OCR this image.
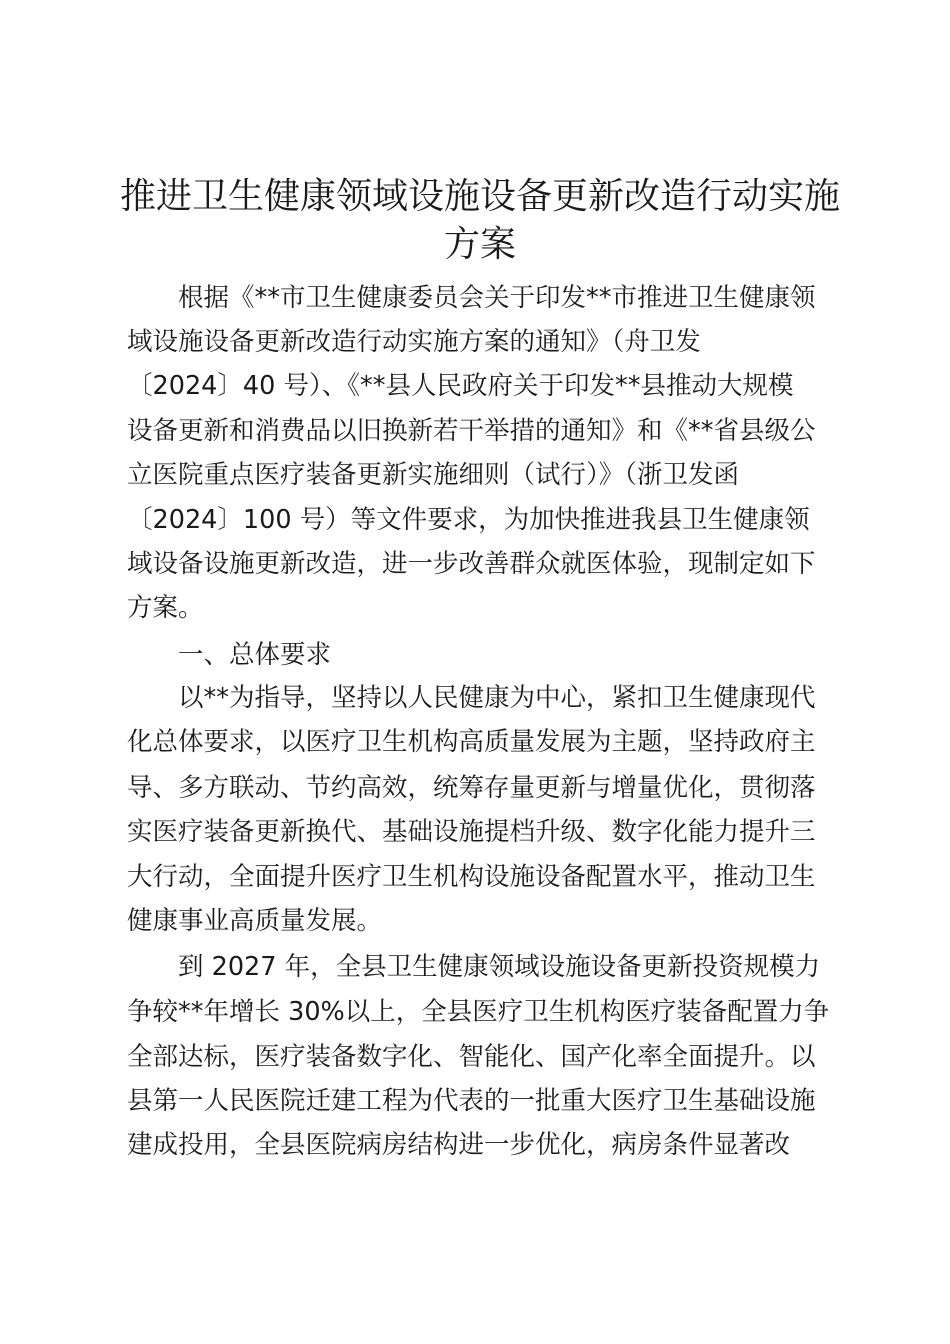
推进卫生健康领域设施设备更新改造行动实施
方案

根据《**市卫生健康委员会关于印发**市推进卫生健康领

域设施设备更新改造行动实施方案的通知》（舟卫发

〔2024〕40 号）、《**县人民政府关于印发**县推动大规模

设备更新和消费品以旧换新若干举措的通知》和《**省县级公

立医院重点医疗装备更新实施细则（试行）》（浙卫发函

〔2024〕100 号）等文件要求，为加快推进我县卫生健康领

域设备设施更新改造，进一步改善群众就医体验，现制定如下

方案。

一、总体要求

以**为指导，坚持以人民健康为中心，紧扣卫生健康现代

化总体要求，以医疗卫生机构高质量发展为主题，坚持政府主

导、多方联动、节约高效，统筹存量更新与增量优化，贯彻落

实医疗装备更新换代、基础设施提档升级、数字化能力提升三

大行动，全面提升医疗卫生机构设施设备配置水平，推动卫生

健康事业高质量发展。

到 2027 年，全县卫生健康领域设施设备更新投资规模力

争较**年增长 30%以上，全县医疗卫生机构医疗装备配置力争

全部达标，医疗装备数字化、智能化、国产化率全面提升。以

县第一人民医院迁建工程为代表的一批重大医疗卫生基础设施

建成投用，全县医院病房结构进一步优化，病房条件显著改
